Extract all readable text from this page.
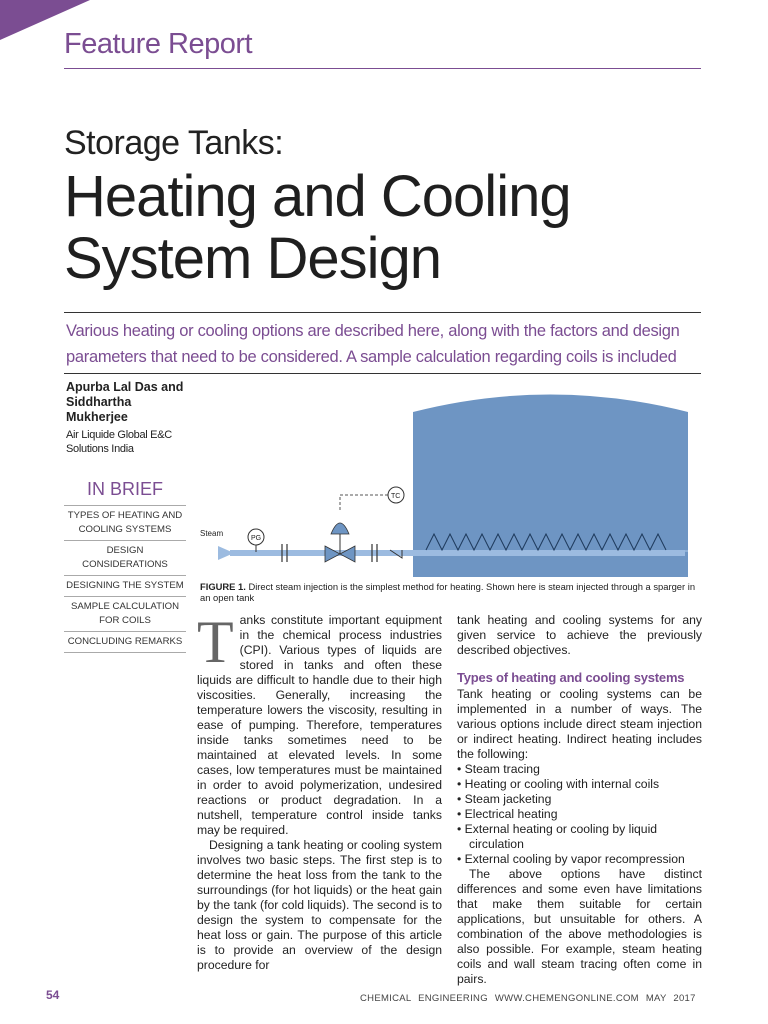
Feature Report
Storage Tanks:
Heating and Cooling
System Design
Various heating or cooling options are described here, along with the factors and design parameters that need to be considered. A sample calculation regarding coils is included
Apurba Lal Das and Siddhartha Mukherjee
Air Liquide Global E&C Solutions India
IN BRIEF
TYPES OF HEATING AND COOLING SYSTEMS
DESIGN CONSIDERATIONS
DESIGNING THE SYSTEM
SAMPLE CALCULATION FOR COILS
CONCLUDING REMARKS
Steam
PG
TC
FIGURE 1. Direct steam injection is the simplest method for heating. Shown here is steam injected through a sparger in an open tank

Tanks constitute important equipment in the chemical process industries (CPI). Various types of liquids are stored in tanks and often these liquids are difficult to handle due to their high viscosities. Generally, increasing the temperature lowers the viscosity, resulting in ease of pumping. Therefore, temperatures inside tanks sometimes need to be maintained at elevated levels. In some cases, low temperatures must be maintained in order to avoid polymerization, undesired reactions or product degradation. In a nutshell, temperature control inside tanks may be required.

Designing a tank heating or cooling system involves two basic steps. The first step is to determine the heat loss from the tank to the surroundings (for hot liquids) or the heat gain by the tank (for cold liquids). The second is to design the system to compensate for the heat loss or gain. The purpose of this article is to provide an overview of the design procedure for

tank heating and cooling systems for any given service to achieve the previously described objectives.

Types of heating and cooling systems

Tank heating or cooling systems can be implemented in a number of ways. The various options include direct steam injection or indirect heating. Indirect heating includes the following:

• Steam tracing
• Heating or cooling with internal coils
• Steam jacketing
• Electrical heating
• External heating or cooling by liquid circulation
• External cooling by vapor recompression

The above options have distinct differences and some even have limitations that make them suitable for certain applications, but unsuitable for others. A combination of the above methodologies is also possible. For example, steam heating coils and wall steam tracing often come in pairs.

54	CHEMICAL ENGINEERING WWW.CHEMENGONLINE.COM MAY 2017
